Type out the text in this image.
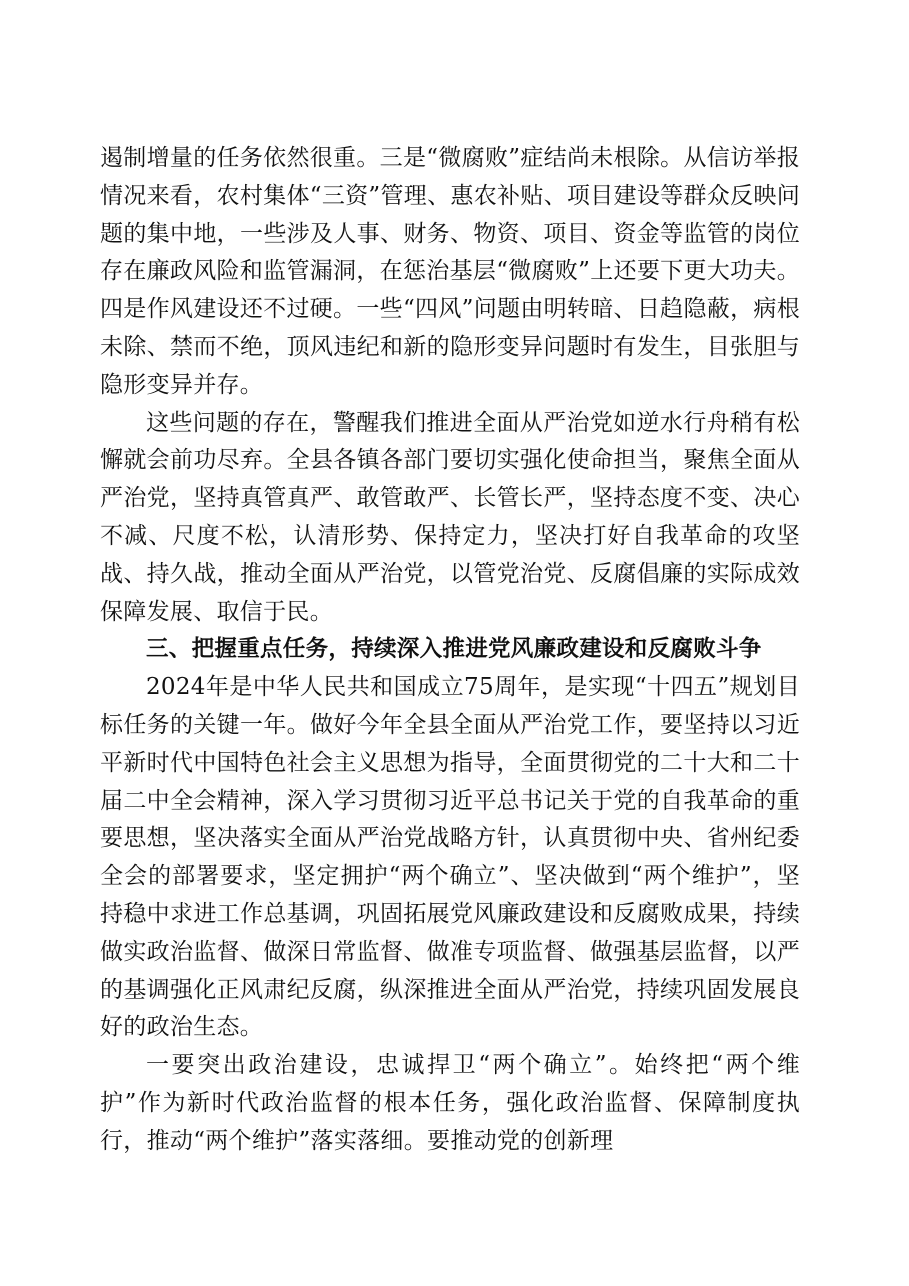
遏制增量的任务依然很重。三是“微腐败”症结尚未根除。从信访举报情况来看，农村集体“三资”管理、惠农补贴、项目建设等群众反映问题的集中地，一些涉及人事、财务、物资、项目、资金等监管的岗位存在廉政风险和监管漏洞，在惩治基层“微腐败”上还要下更大功夫。四是作风建设还不过硬。一些“四风”问题由明转暗、日趋隐蔽，病根未除、禁而不绝，顶风违纪和新的隐形变异问题时有发生，目张胆与隐形变异并存。

这些问题的存在，警醒我们推进全面从严治党如逆水行舟稍有松懈就会前功尽弃。全县各镇各部门要切实强化使命担当，聚焦全面从严治党，坚持真管真严、敢管敢严、长管长严，坚持态度不变、决心不减、尺度不松，认清形势、保持定力，坚决打好自我革命的攻坚战、持久战，推动全面从严治党，以管党治党、反腐倡廉的实际成效保障发展、取信于民。

三、把握重点任务，持续深入推进党风廉政建设和反腐败斗争

2024年是中华人民共和国成立75周年，是实现“十四五”规划目标任务的关键一年。做好今年全县全面从严治党工作，要坚持以习近平新时代中国特色社会主义思想为指导，全面贯彻党的二十大和二十届二中全会精神，深入学习贯彻习近平总书记关于党的自我革命的重要思想，坚决落实全面从严治党战略方针，认真贯彻中央、省州纪委全会的部署要求，坚定拥护“两个确立”、坚决做到“两个维护”，坚持稳中求进工作总基调，巩固拓展党风廉政建设和反腐败成果，持续做实政治监督、做深日常监督、做准专项监督、做强基层监督，以严的基调强化正风肃纪反腐，纵深推进全面从严治党，持续巩固发展良好的政治生态。

一要突出政治建设，忠诚捍卫“两个确立”。始终把“两个维护”作为新时代政治监督的根本任务，强化政治监督、保障制度执行，推动“两个维护”落实落细。要推动党的创新理
